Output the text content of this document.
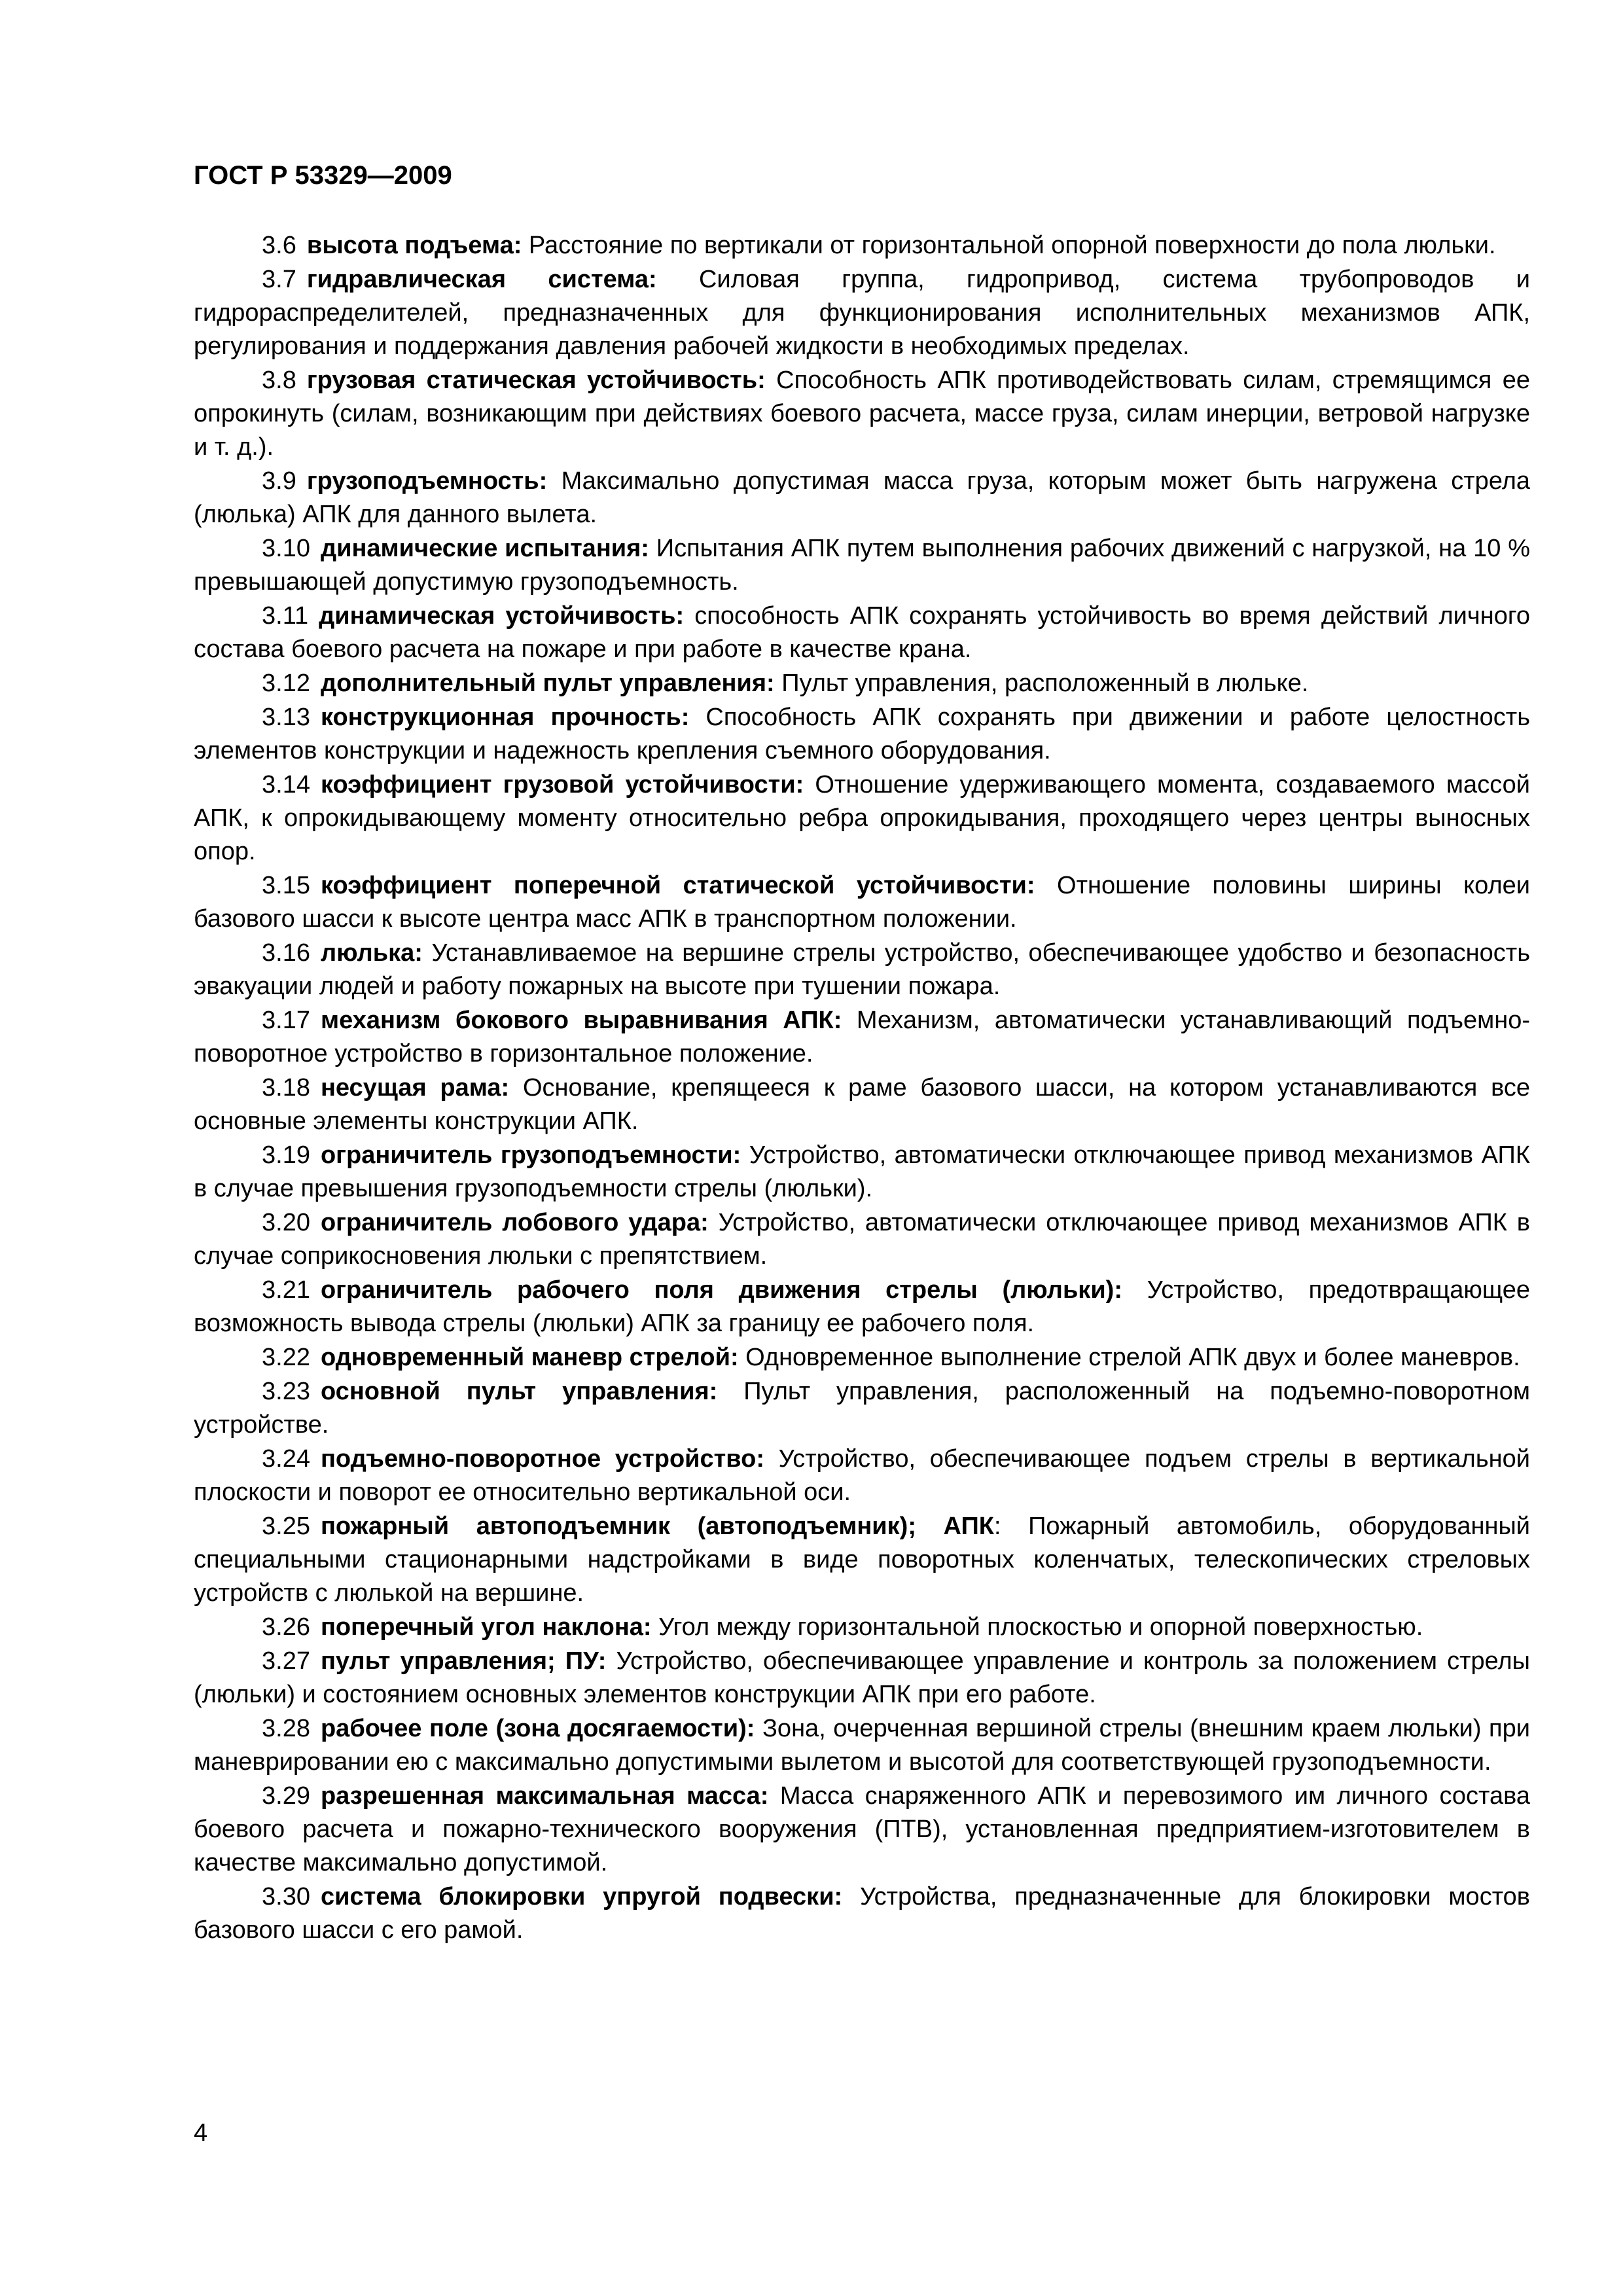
ГОСТ Р 53329—2009

3.6 высота подъема: Расстояние по вертикали от горизонтальной опорной поверхности до пола люльки.

3.7 гидравлическая система: Силовая группа, гидропривод, система трубопроводов и гидрораспределителей, предназначенных для функционирования исполнительных механизмов АПК, регулирования и поддержания давления рабочей жидкости в необходимых пределах.

3.8 грузовая статическая устойчивость: Способность АПК противодействовать силам, стремящимся ее опрокинуть (силам, возникающим при действиях боевого расчета, массе груза, силам инерции, ветровой нагрузке и т. д.).

3.9 грузоподъемность: Максимально допустимая масса груза, которым может быть нагружена стрела (люлька) АПК для данного вылета.

3.10 динамические испытания: Испытания АПК путем выполнения рабочих движений с нагрузкой, на 10 % превышающей допустимую грузоподъемность.

3.11 динамическая устойчивость: способность АПК сохранять устойчивость во время действий личного состава боевого расчета на пожаре и при работе в качестве крана.

3.12 дополнительный пульт управления: Пульт управления, расположенный в люльке.

3.13 конструкционная прочность: Способность АПК сохранять при движении и работе целостность элементов конструкции и надежность крепления съемного оборудования.

3.14 коэффициент грузовой устойчивости: Отношение удерживающего момента, создаваемого массой АПК, к опрокидывающему моменту относительно ребра опрокидывания, проходящего через центры выносных опор.

3.15 коэффициент поперечной статической устойчивости: Отношение половины ширины колеи базового шасси к высоте центра масс АПК в транспортном положении.

3.16 люлька: Устанавливаемое на вершине стрелы устройство, обеспечивающее удобство и безопасность эвакуации людей и работу пожарных на высоте при тушении пожара.

3.17 механизм бокового выравнивания АПК: Механизм, автоматически устанавливающий подъемно-поворотное устройство в горизонтальное положение.

3.18 несущая рама: Основание, крепящееся к раме базового шасси, на котором устанавливаются все основные элементы конструкции АПК.

3.19 ограничитель грузоподъемности: Устройство, автоматически отключающее привод механизмов АПК в случае превышения грузоподъемности стрелы (люльки).

3.20 ограничитель лобового удара: Устройство, автоматически отключающее привод механизмов АПК в случае соприкосновения люльки с препятствием.

3.21 ограничитель рабочего поля движения стрелы (люльки): Устройство, предотвращающее возможность вывода стрелы (люльки) АПК за границу ее рабочего поля.

3.22 одновременный маневр стрелой: Одновременное выполнение стрелой АПК двух и более маневров.

3.23 основной пульт управления: Пульт управления, расположенный на подъемно-поворотном устройстве.

3.24 подъемно-поворотное устройство: Устройство, обеспечивающее подъем стрелы в вертикальной плоскости и поворот ее относительно вертикальной оси.

3.25 пожарный автоподъемник (автоподъемник); АПК: Пожарный автомобиль, оборудованный специальными стационарными надстройками в виде поворотных коленчатых, телескопических стреловых устройств с люлькой на вершине.

3.26 поперечный угол наклона: Угол между горизонтальной плоскостью и опорной поверхностью.

3.27 пульт управления; ПУ: Устройство, обеспечивающее управление и контроль за положением стрелы (люльки) и состоянием основных элементов конструкции АПК при его работе.

3.28 рабочее поле (зона досягаемости): Зона, очерченная вершиной стрелы (внешним краем люльки) при маневрировании ею с максимально допустимыми вылетом и высотой для соответствующей грузоподъемности.

3.29 разрешенная максимальная масса: Масса снаряженного АПК и перевозимого им личного состава боевого расчета и пожарно-технического вооружения (ПТВ), установленная предприятием-изготовителем в качестве максимально допустимой.

3.30 система блокировки упругой подвески: Устройства, предназначенные для блокировки мостов базового шасси с его рамой.

4
